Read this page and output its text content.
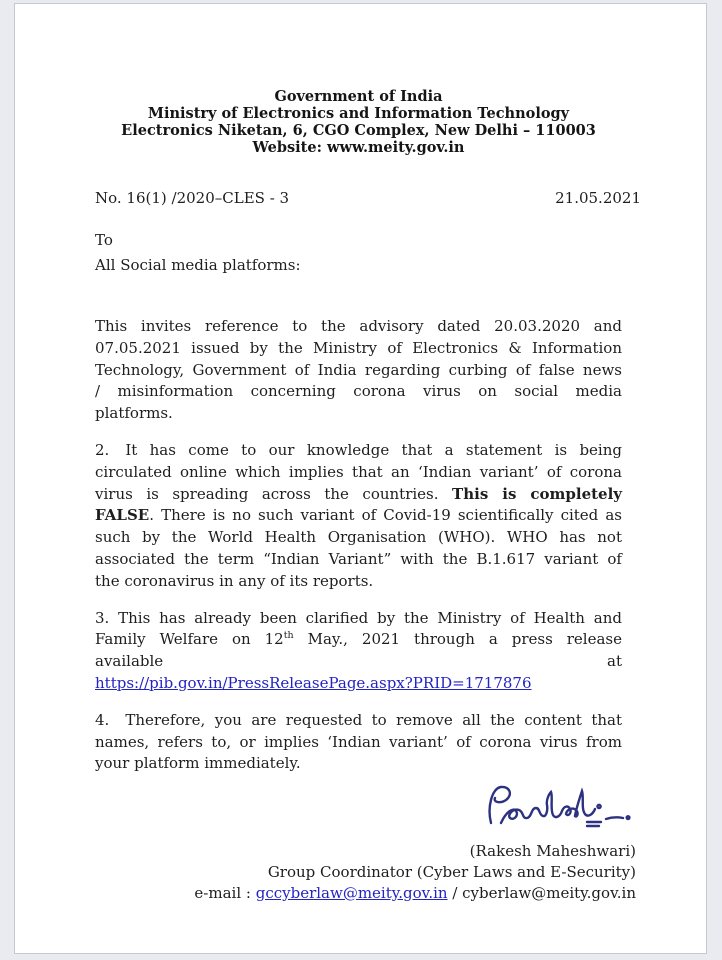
Government of India
Ministry of Electronics and Information Technology
Electronics Niketan, 6, CGO Complex, New Delhi – 110003
Website: www.meity.gov.in
No. 16(1) /2020–CLES - 3	21.05.2021
To
All Social media platforms:
This invites reference to the advisory dated 20.03.2020 and
07.05.2021 issued by the Ministry of Electronics & Information
Technology, Government of India regarding curbing of false news
/ misinformation concerning corona virus on social media
platforms.
2. It has come to our knowledge that a statement is being
circulated online which implies that an ‘Indian variant’ of corona
virus is spreading across the countries. This is completely
FALSE. There is no such variant of Covid-19 scientifically cited as
such by the World Health Organisation (WHO). WHO has not
associated the term “Indian Variant” with the B.1.617 variant of
the coronavirus in any of its reports.
3. This has already been clarified by the Ministry of Health and
Family Welfare on 12th May., 2021 through a press release
available	at
https://pib.gov.in/PressReleasePage.aspx?PRID=1717876
4. Therefore, you are requested to remove all the content that
names, refers to, or implies ‘Indian variant’ of corona virus from
your platform immediately.
(Rakesh Maheshwari)
Group Coordinator (Cyber Laws and E-Security)
e-mail : gccyberlaw@meity.gov.in / cyberlaw@meity.gov.in
